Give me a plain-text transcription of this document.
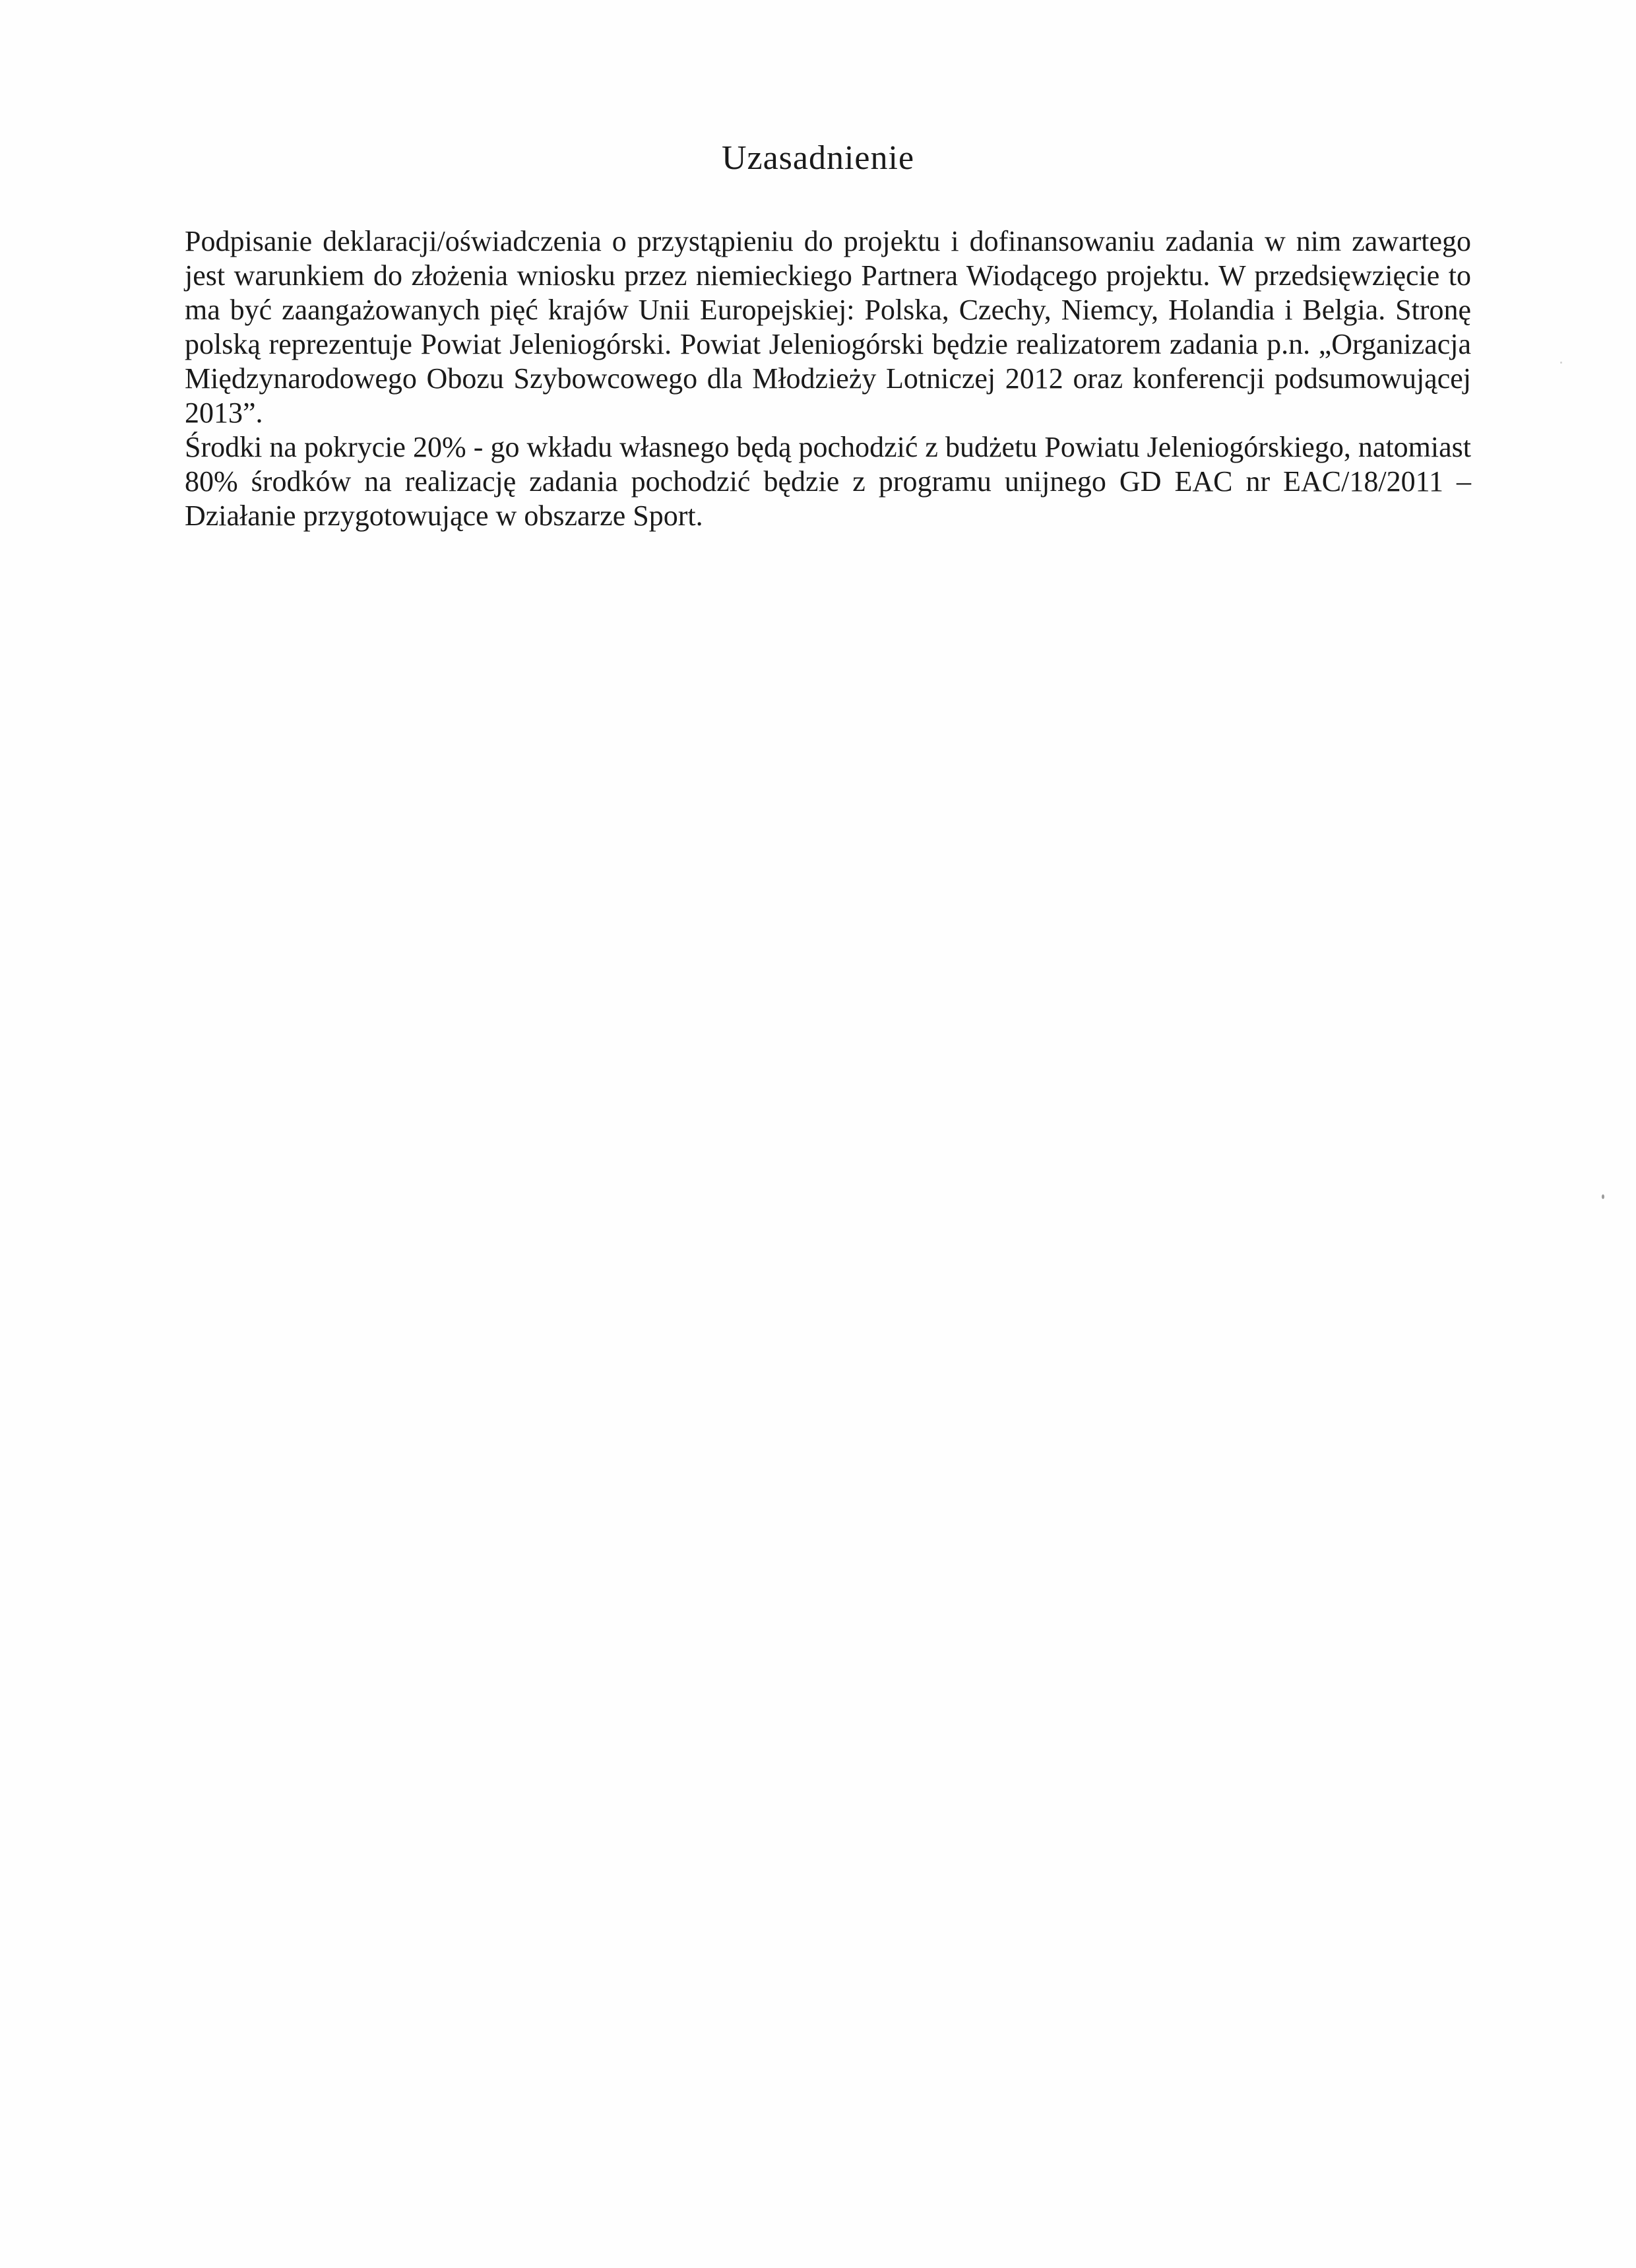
Uzasadnienie

Podpisanie deklaracji/oświadczenia o przystąpieniu do projektu i dofinansowaniu zadania w nim zawartego jest warunkiem do złożenia wniosku przez niemieckiego Partnera Wiodącego projektu. W przedsięwzięcie to ma być zaangażowanych pięć krajów Unii Europejskiej: Polska, Czechy, Niemcy, Holandia i Belgia. Stronę polską reprezentuje Powiat Jeleniogórski. Powiat Jeleniogórski będzie realizatorem zadania p.n. „Organizacja Międzynarodowego Obozu Szybowcowego dla Młodzieży Lotniczej 2012 oraz konferencji podsumowującej 2013”.

Środki na pokrycie 20% - go wkładu własnego będą pochodzić z budżetu Powiatu Jeleniogórskiego, natomiast 80% środków na realizację zadania pochodzić będzie z programu unijnego GD EAC nr EAC/18/2011 – Działanie przygotowujące w obszarze Sport.
